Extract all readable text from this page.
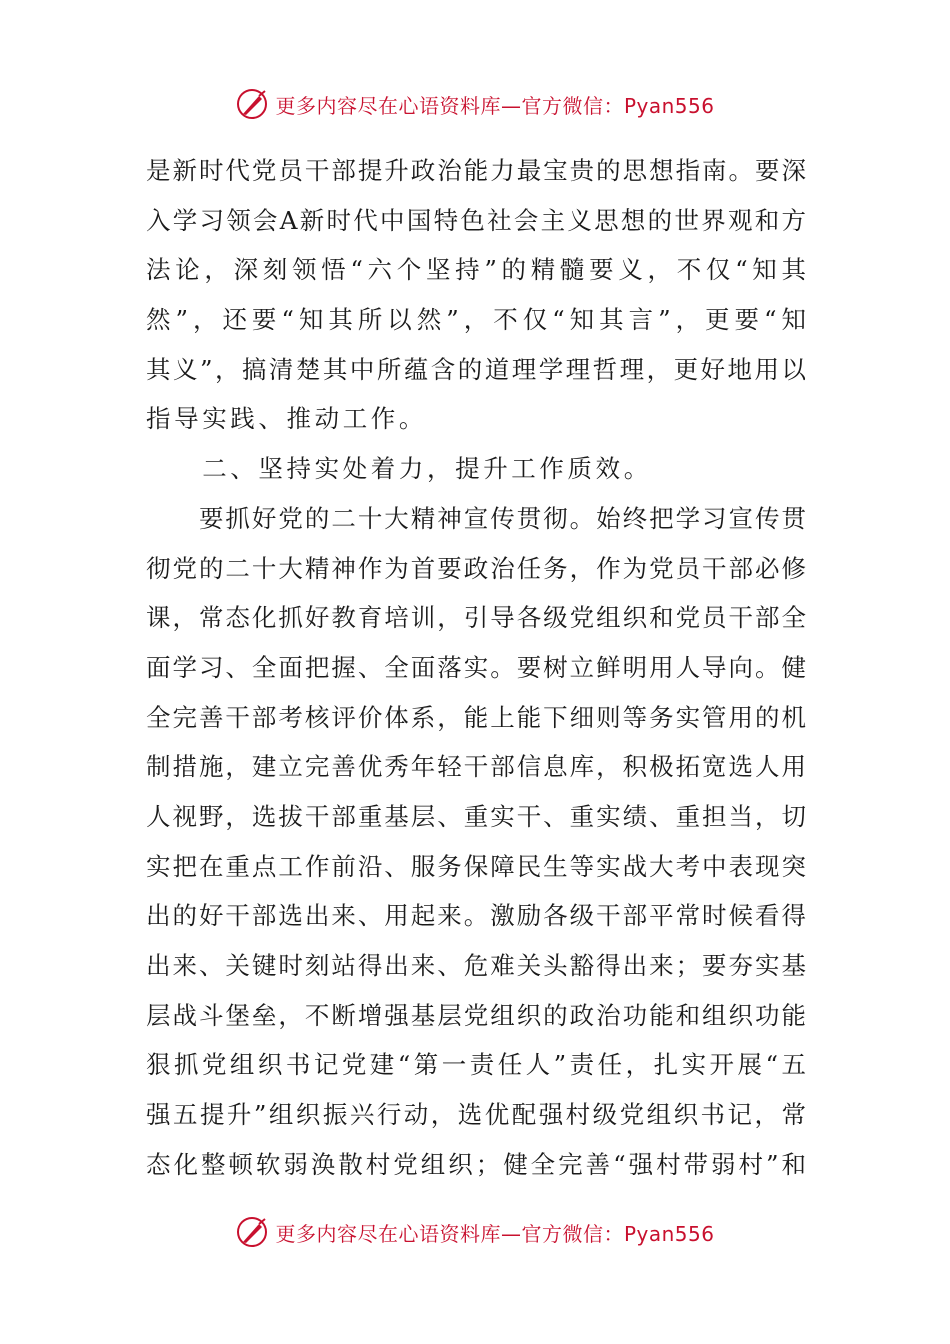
更多内容尽在心语资料库—官方微信：Pyan556
是新时代党员干部提升政治能力最宝贵的思想指南。要深
入学习领会A新时代中国特色社会主义思想的世界观和方
法论，深刻领悟“六个坚持”的精髓要义，不仅“知其
然”，还要“知其所以然”，不仅“知其言”，更要“知
其义”，搞清楚其中所蕴含的道理学理哲理，更好地用以
指导实践、推动工作。
　　二、坚持实处着力，提升工作质效。
　　要抓好党的二十大精神宣传贯彻。始终把学习宣传贯
彻党的二十大精神作为首要政治任务，作为党员干部必修
课，常态化抓好教育培训，引导各级党组织和党员干部全
面学习、全面把握、全面落实。要树立鲜明用人导向。健
全完善干部考核评价体系，能上能下细则等务实管用的机
制措施，建立完善优秀年轻干部信息库，积极拓宽选人用
人视野，选拔干部重基层、重实干、重实绩、重担当，切
实把在重点工作前沿、服务保障民生等实战大考中表现突
出的好干部选出来、用起来。激励各级干部平常时候看得
出来、关键时刻站得出来、危难关头豁得出来；要夯实基
层战斗堡垒，不断增强基层党组织的政治功能和组织功能
狠抓党组织书记党建“第一责任人”责任，扎实开展“五
强五提升”组织振兴行动，选优配强村级党组织书记，常
态化整顿软弱涣散村党组织；健全完善“强村带弱村”和
更多内容尽在心语资料库—官方微信：Pyan556
